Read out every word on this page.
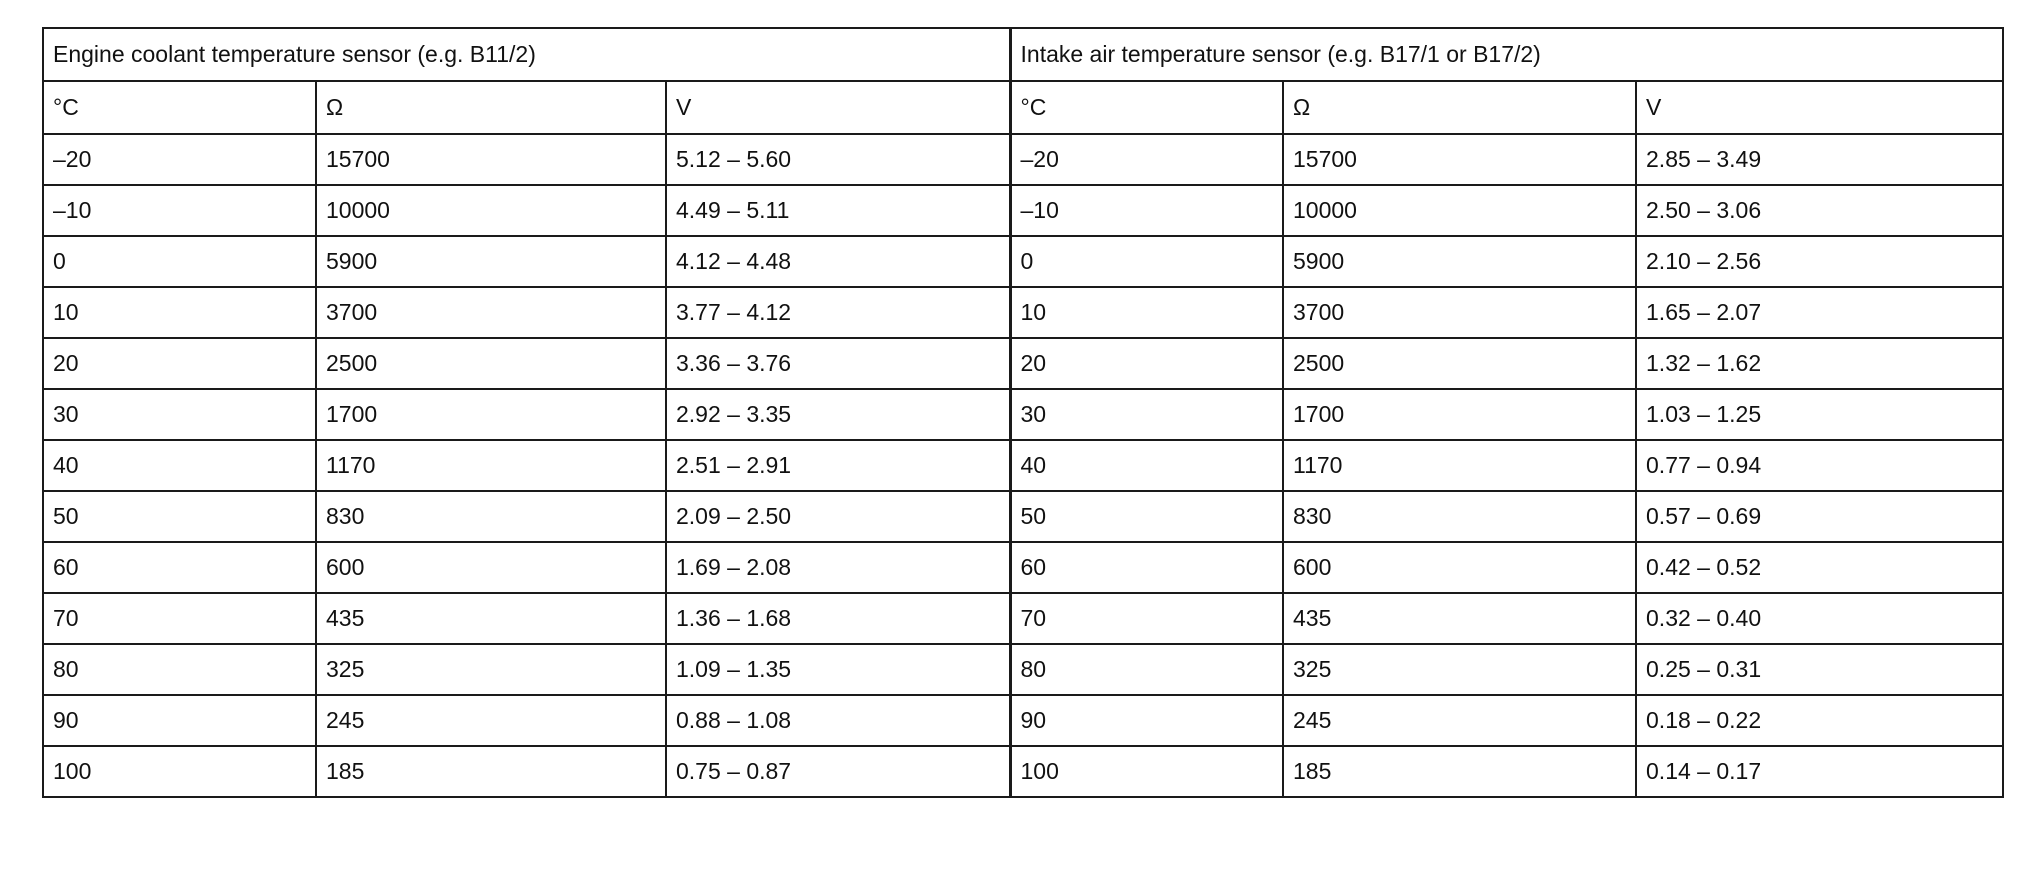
Engine coolant temperature sensor (e.g. B11/2)			Intake air temperature sensor (e.g. B17/1 or B17/2)		
°C	Ω	V	°C	Ω	V
–20	15700	5.12 – 5.60	–20	15700	2.85 – 3.49
–10	10000	4.49 – 5.11	–10	10000	2.50 – 3.06
0	5900	4.12 – 4.48	0	5900	2.10 – 2.56
10	3700	3.77 – 4.12	10	3700	1.65 – 2.07
20	2500	3.36 – 3.76	20	2500	1.32 – 1.62
30	1700	2.92 – 3.35	30	1700	1.03 – 1.25
40	1170	2.51 – 2.91	40	1170	0.77 – 0.94
50	830	2.09 – 2.50	50	830	0.57 – 0.69
60	600	1.69 – 2.08	60	600	0.42 – 0.52
70	435	1.36 – 1.68	70	435	0.32 – 0.40
80	325	1.09 – 1.35	80	325	0.25 – 0.31
90	245	0.88 – 1.08	90	245	0.18 – 0.22
100	185	0.75 – 0.87	100	185	0.14 – 0.17
